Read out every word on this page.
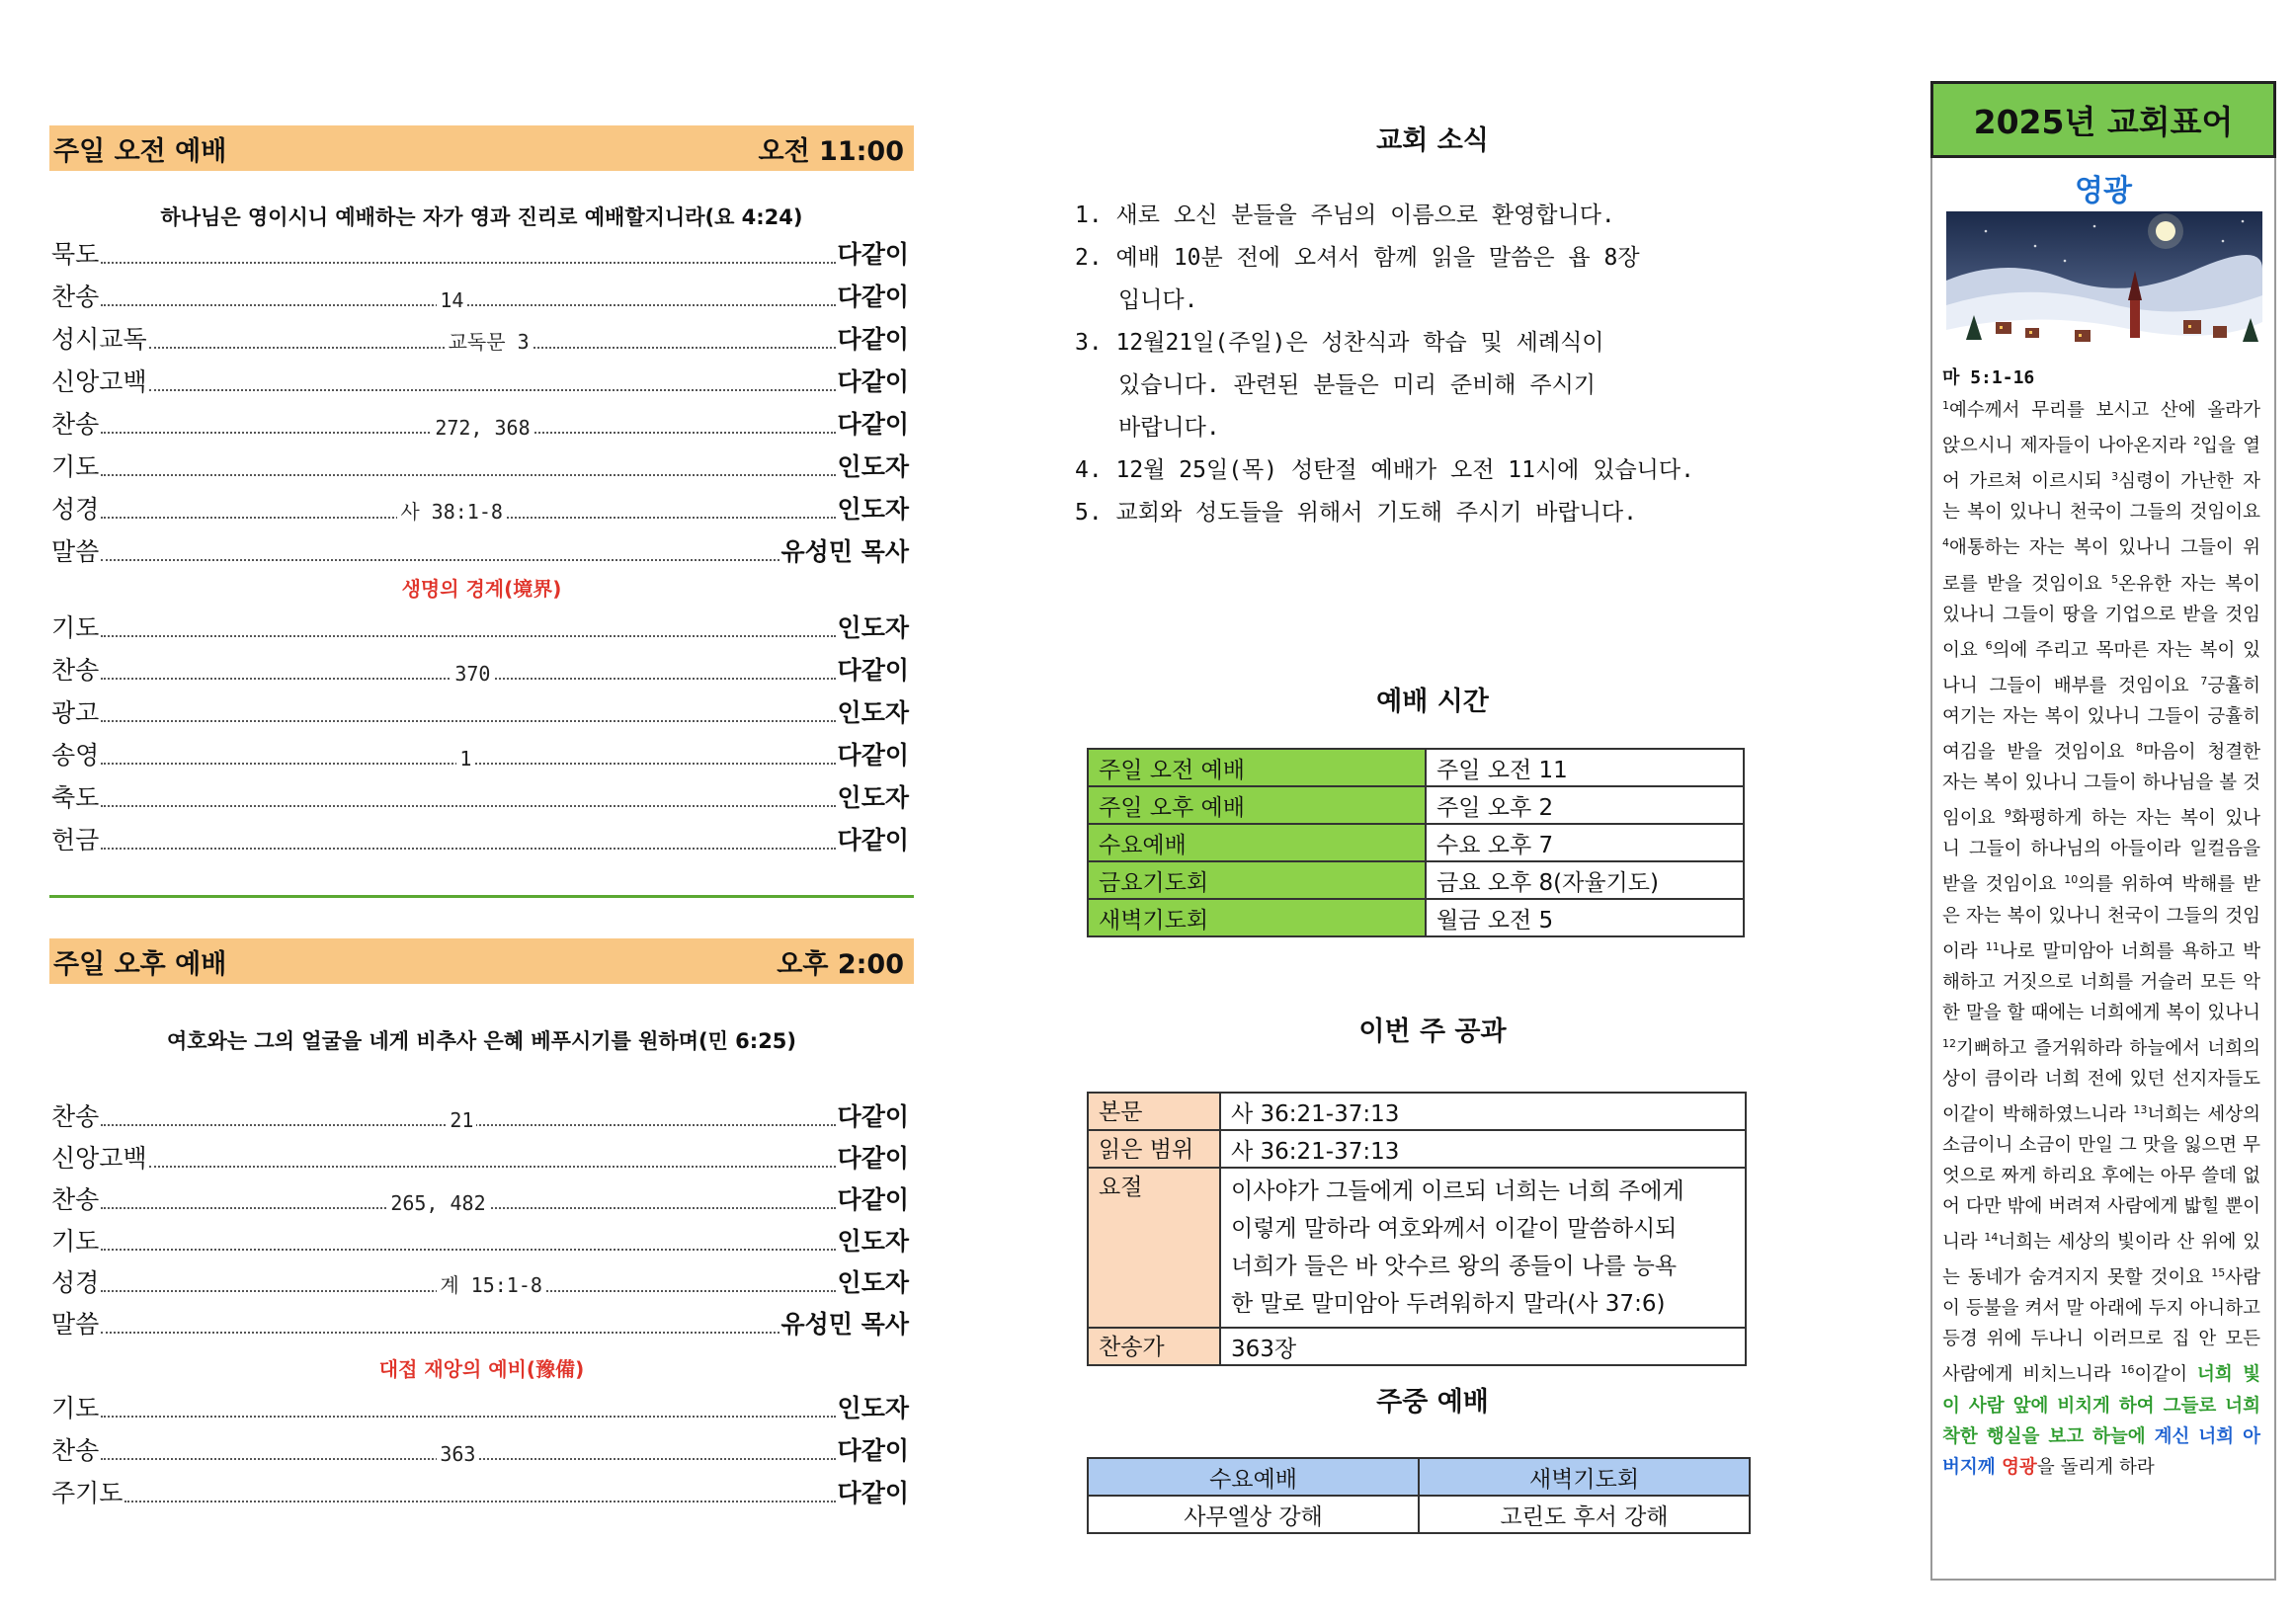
주일 오전 예배	오전 11:00
하나님은 영이시니 예배하는 자가 영과 진리로 예배할지니라(요 4:24)
묵도	다같이
찬송	14	다같이
성시교독	교독문 3	다같이
신앙고백	다같이
찬송	272, 368	다같이
기도	인도자
성경	사 38:1-8	인도자
말씀	유성민 목사
생명의 경계(境界)
기도	인도자
찬송	370	다같이
광고	인도자
송영	1	다같이
축도	인도자
헌금	다같이
주일 오후 예배	오후 2:00
여호와는 그의 얼굴을 네게 비추사 은혜 베푸시기를 원하며(민 6:25)
찬송	21	다같이
신앙고백	다같이
찬송	265, 482	다같이
기도	인도자
성경	계 15:1-8	인도자
말씀	유성민 목사
대접 재앙의 예비(豫備)
기도	인도자
찬송	363	다같이
주기도	다같이
교회 소식
1. 새로 오신 분들을 주님의 이름으로 환영합니다.
2. 예배 10분 전에 오셔서 함께 읽을 말씀은 욥 8장
입니다.
3. 12월21일(주일)은 성찬식과 학습 및 세례식이
있습니다. 관련된 분들은 미리 준비해 주시기
바랍니다.
4. 12월 25일(목) 성탄절 예배가 오전 11시에 있습니다.
5. 교회와 성도들을 위해서 기도해 주시기 바랍니다.
예배 시간
주일 오전 예배	주일 오전 11
주일 오후 예배	주일 오후 2
수요예배	수요 오후 7
금요기도회	금요 오후 8(자율기도)
새벽기도회	월금 오전 5
이번 주 공과
본문	사 36:21-37:13
읽은 범위	사 36:21-37:13
요절	이사야가 그들에게 이르되 너희는 너희 주에게
이렇게 말하라 여호와께서 이같이 말씀하시되
너희가 들은 바 앗수르 왕의 종들이 나를 능욕
한 말로 말미암아 두려워하지 말라(사 37:6)

찬송가	363장
주중 예배
수요예배	새벽기도회
사무엘상 강해	고린도 후서 강해
2025년 교회표어
영광
마 5:1-16
$^1$예수께서 무리를 보시고 산에 올라가 앉으시니 제자들이 나아온지라 $^2$입을 열어 가르쳐 이르시되 $^3$심령이 가난한 자는 복이 있나니 천국이 그들의 것임이요 $^4$애통하는 자는 복이 있나니 그들이 위로를 받을 것임이요 $^5$온유한 자는 복이 있나니 그들이 땅을 기업으로 받을 것임이요 $^6$의에 주리고 목마른 자는 복이 있나니 그들이 배부를 것임이요 $^7$긍휼히 여기는 자는 복이 있나니 그들이 긍휼히 여김을 받을 것임이요 $^8$마음이 청결한 자는 복이 있나니 그들이 하나님을 볼 것임이요 $^9$화평하게 하는 자는 복이 있나니 그들이 하나님의 아들이라 일컬음을 받을 것임이요 $^{10}$의를 위하여 박해를 받은 자는 복이 있나니 천국이 그들의 것임이라 $^{11}$나로 말미암아 너희를 욕하고 박해하고 거짓으로 너희를 거슬러 모든 악한 말을 할 때에는 너희에게 복이 있나니 $^{12}$기뻐하고 즐거워하라 하늘에서 너희의 상이 큼이라 너희 전에 있던 선지자들도 이같이 박해하였느니라 $^{13}$너희는 세상의 소금이니 소금이 만일 그 맛을 잃으면 무엇으로 짜게 하리요 후에는 아무 쓸데 없어 다만 밖에 버려져 사람에게 밟힐 뿐이니라 $^{14}$너희는 세상의 빛이라 산 위에 있는 동네가 숨겨지지 못할 것이요 $^{15}$사람이 등불을 켜서 말 아래에 두지 아니하고 등경 위에 두나니 이러므로 집 안 모든 사람에게 비치느니라 $^{16}$이같이 너희 빛이 사람 앞에 비치게 하여 그들로 너희 착한 행실을 보고 하늘에 계신 너희 아버지께 영광을 돌리게 하라
